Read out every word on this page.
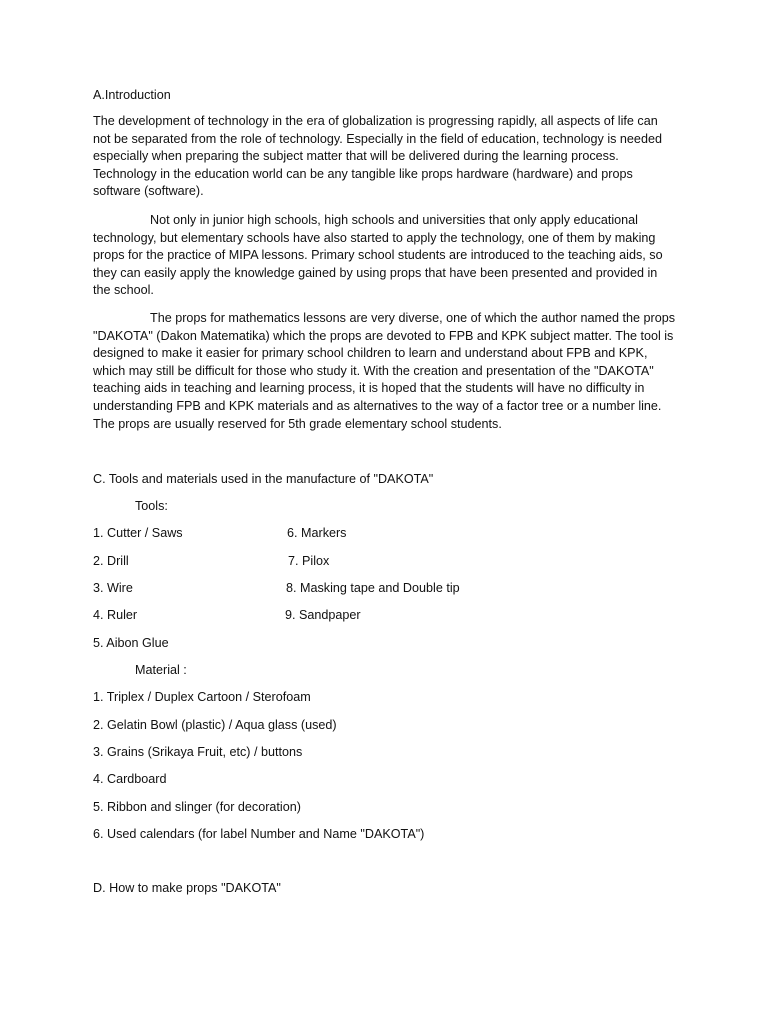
A.Introduction

The development of technology in the era of globalization is progressing rapidly, all aspects of life can not be separated from the role of technology. Especially in the field of education, technology is needed especially when preparing the subject matter that will be delivered during the learning process. Technology in the education world can be any tangible like props hardware (hardware) and props software (software).

Not only in junior high schools, high schools and universities that only apply educational technology, but elementary schools have also started to apply the technology, one of them by making props for the practice of MIPA lessons. Primary school students are introduced to the teaching aids, so they can easily apply the knowledge gained by using props that have been presented and provided in the school.

The props for mathematics lessons are very diverse, one of which the author named the props "DAKOTA" (Dakon Matematika) which the props are devoted to FPB and KPK subject matter. The tool is designed to make it easier for primary school children to learn and understand about FPB and KPK, which may still be difficult for those who study it. With the creation and presentation of the "DAKOTA" teaching aids in teaching and learning process, it is hoped that the students will have no difficulty in understanding FPB and KPK materials and as alternatives to the way of a factor tree or a number line. The props are usually reserved for 5th grade elementary school students.

C. Tools and materials used in the manufacture of "DAKOTA"

Tools:

1. Cutter / Saws

2. Drill

3. Wire

4. Ruler

5. Aibon Glue

6. Markers

7. Pilox

8. Masking tape and Double tip

9. Sandpaper

Material :

1. Triplex / Duplex Cartoon / Sterofoam

2. Gelatin Bowl (plastic) / Aqua glass (used)

3. Grains (Srikaya Fruit, etc) / buttons

4. Cardboard

5. Ribbon and slinger (for decoration)

6. Used calendars (for label Number and Name "DAKOTA")

D. How to make props "DAKOTA"
